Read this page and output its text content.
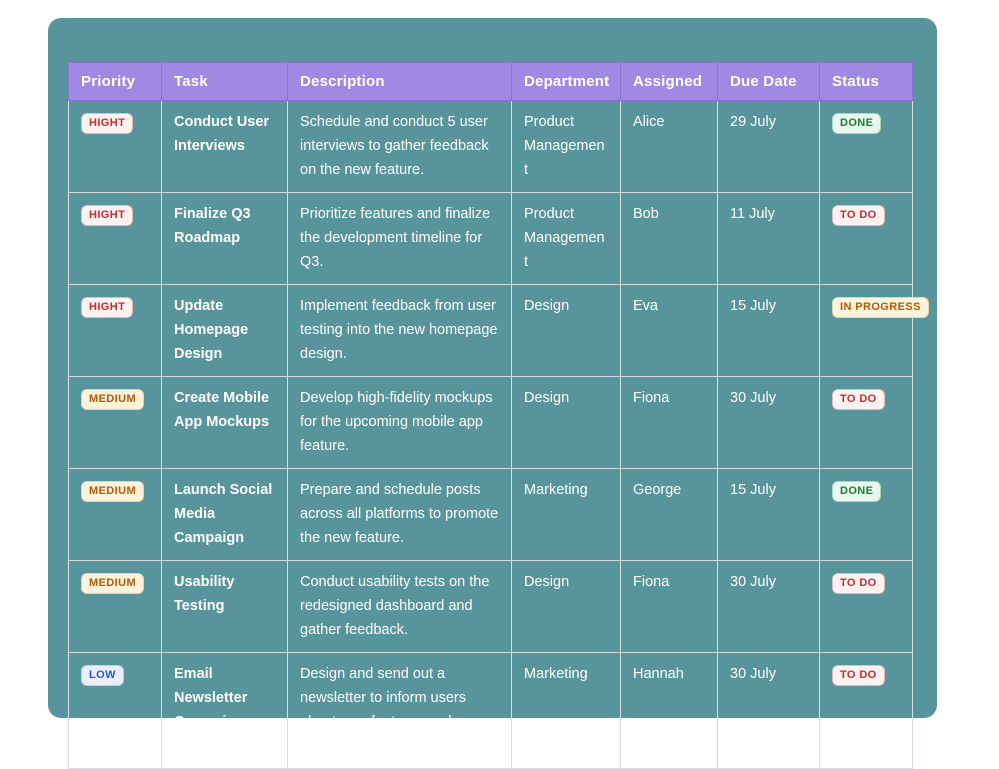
Priority	Task	Description	Department	Assigned	Due Date	Status
HIGHT	Conduct User Interviews	Schedule and conduct 5 user interviews to gather feedback on the new feature.	Product Management	Alice	29 July	DONE
HIGHT	Finalize Q3 Roadmap	Prioritize features and finalize the development timeline for Q3.	Product Management	Bob	11 July	TO DO
HIGHT	Update Homepage Design	Implement feedback from user testing into the new homepage design.	Design	Eva	15 July	IN PROGRESS
MEDIUM	Create Mobile App Mockups	Develop high-fidelity mockups for the upcoming mobile app feature.	Design	Fiona	30 July	TO DO
MEDIUM	Launch Social Media Campaign	Prepare and schedule posts across all platforms to promote the new feature.	Marketing	George	15 July	DONE
MEDIUM	Usability Testing	Conduct usability tests on the redesigned dashboard and gather feedback.	Design	Fiona	30 July	TO DO
LOW	Email Newsletter Campaign	Design and send out a newsletter to inform users about new features and updates.	Marketing	Hannah	30 July	TO DO
